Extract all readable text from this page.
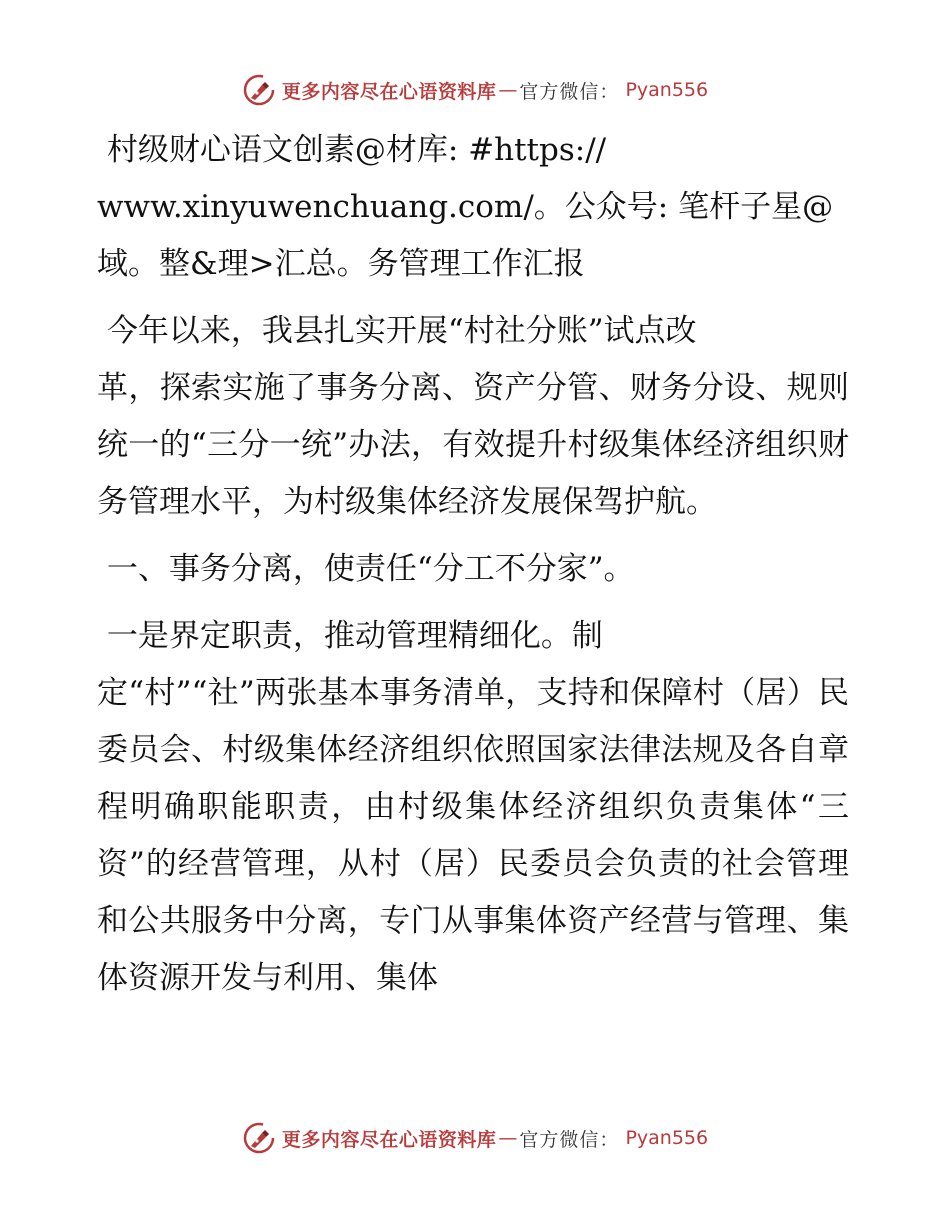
更多内容尽在心语资料库 — 官方微信： Pyan556

村级财心语文创素@材库: #https://
www.xinyuwenchuang.com/。公众号: 笔杆子星@
域。整&理>汇总。务管理工作汇报

今年以来，我县扎实开展“村社分账”试点改
革，探索实施了事务分离、资产分管、财务分设、规则统一的“三分一统”办法，有效提升村级集体经济组织财务管理水平，为村级集体经济发展保驾护航。

一、事务分离，使责任“分工不分家”。

一是界定职责，推动管理精细化。制
定“村”“社”两张基本事务清单，支持和保障村（居）民委员会、村级集体经济组织依照国家法律法规及各自章程明确职能职责，由村级集体经济组织负责集体“三资”的经营管理，从村（居）民委员会负责的社会管理和公共服务中分离，专门从事集体资产经营与管理、集体资源开发与利用、集体

更多内容尽在心语资料库 — 官方微信： Pyan556
